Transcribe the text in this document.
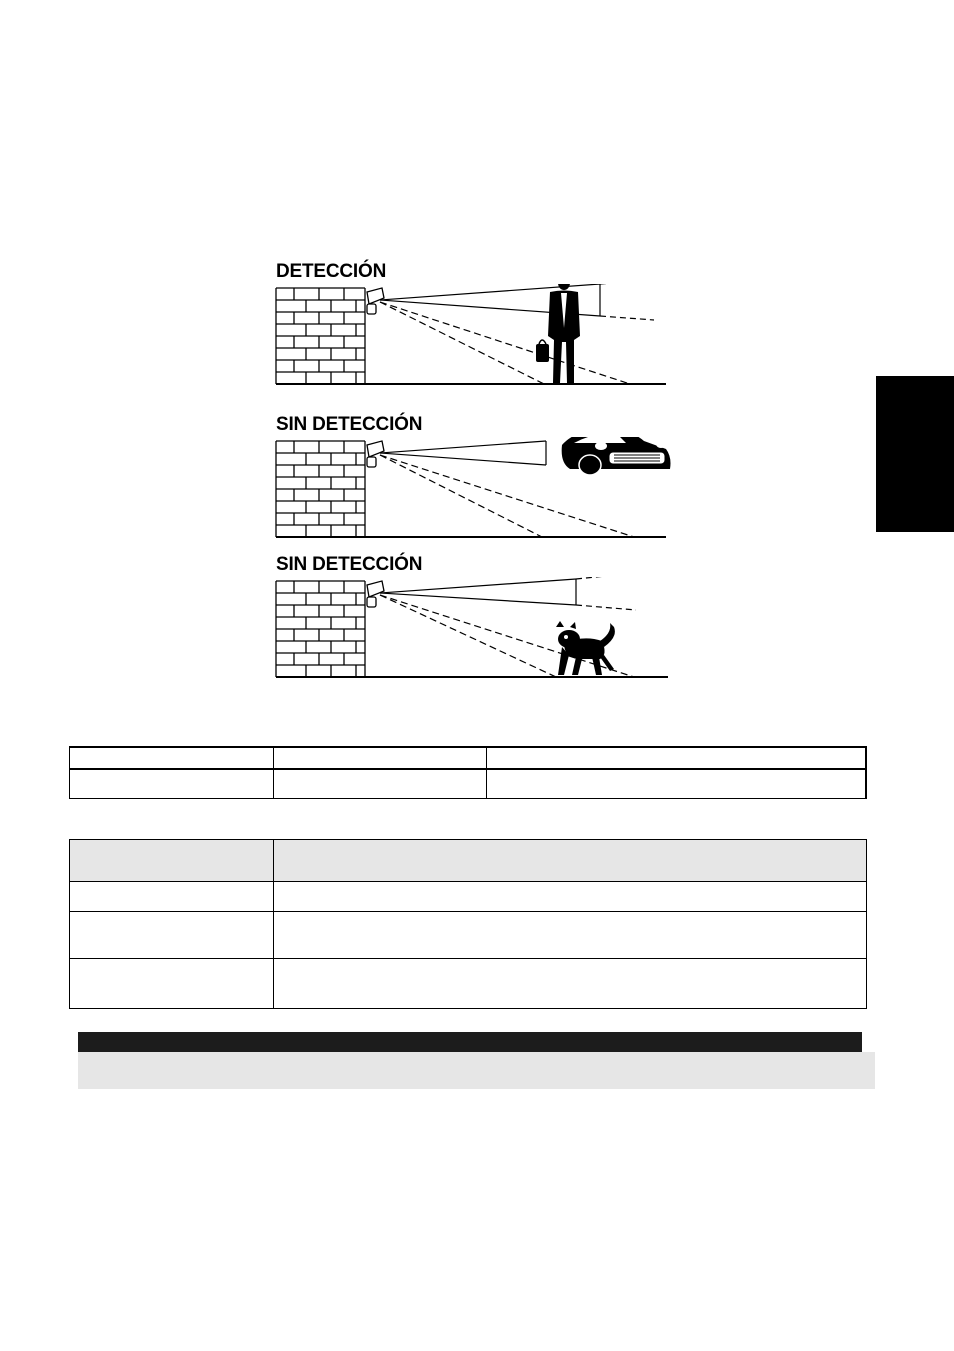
DETECCIÓN
SIN DETECCIÓN
SIN DETECCIÓN
